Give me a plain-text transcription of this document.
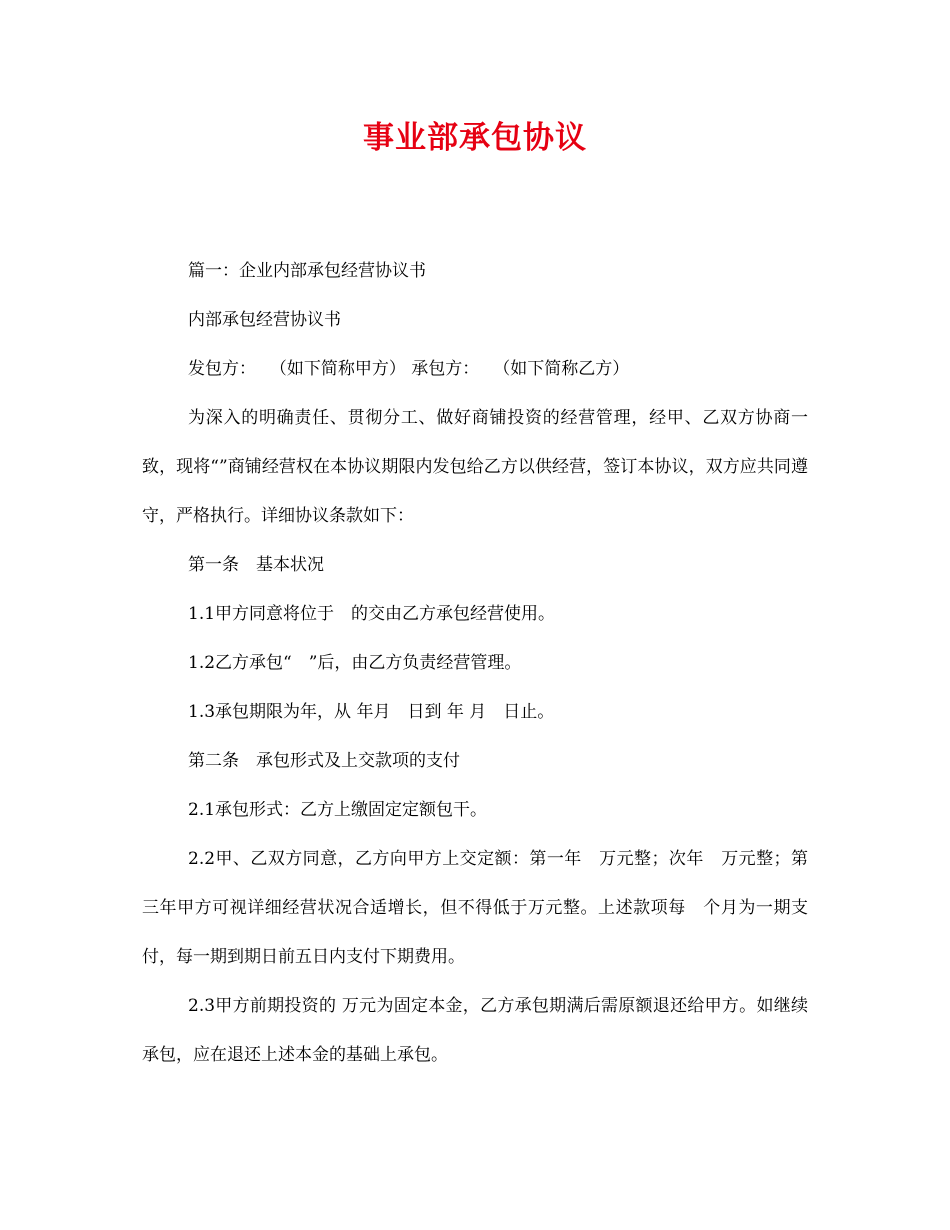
事业部承包协议

篇一：企业内部承包经营协议书

内部承包经营协议书

发包方：　 （如下简称甲方） 承包方：　 （如下简称乙方）

为深入的明确责任、贯彻分工、做好商铺投资的经营管理，经甲、乙双方协商一致，现将“”商铺经营权在本协议期限内发包给乙方以供经营，签订本协议，双方应共同遵守，严格执行。详细协议条款如下：

第一条　基本状况

1.1甲方同意将位于　的交由乙方承包经营使用。

1.2乙方承包“　”后，由乙方负责经营管理。

1.3承包期限为年，从 年月　日到 年 月　日止。

第二条　承包形式及上交款项的支付

2.1承包形式：乙方上缴固定定额包干。

2.2甲、乙双方同意，乙方向甲方上交定额：第一年　万元整；次年　万元整；第三年甲方可视详细经营状况合适增长，但不得低于万元整。上述款项每　个月为一期支付，每一期到期日前五日内支付下期费用。

2.3甲方前期投资的 万元为固定本金，乙方承包期满后需原额退还给甲方。如继续承包，应在退还上述本金的基础上承包。
